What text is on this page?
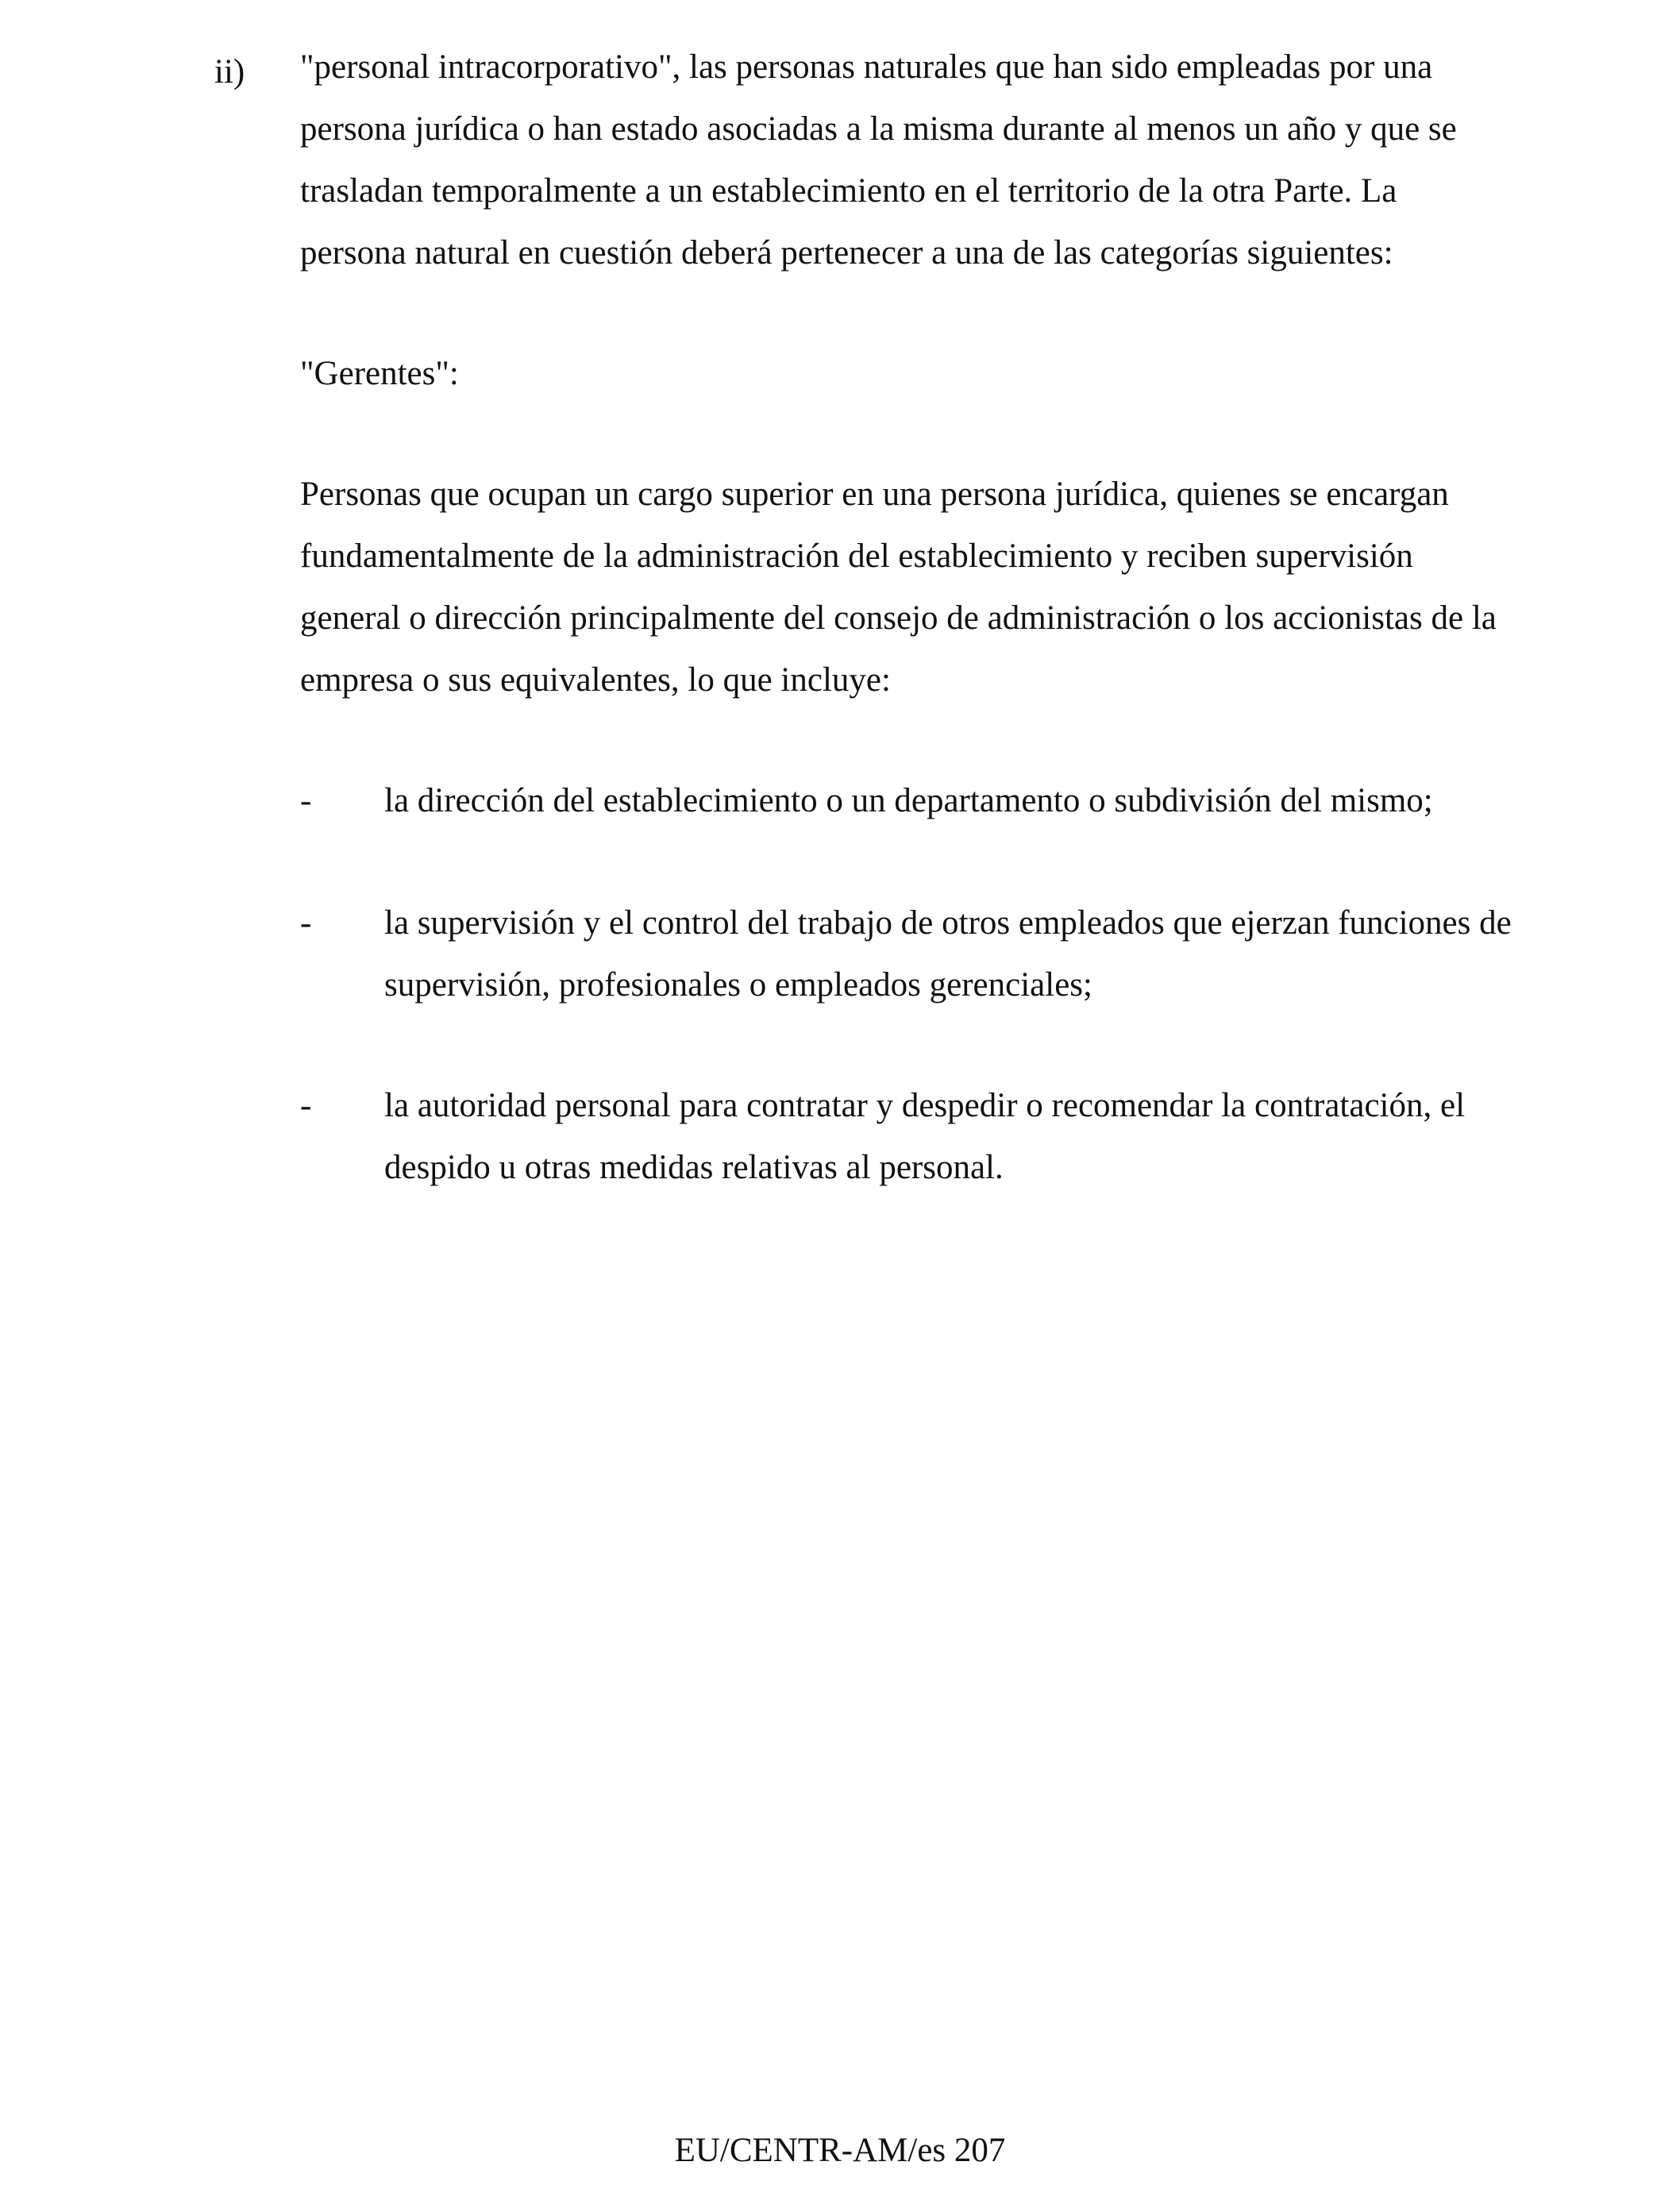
ii) "personal intracorporativo", las personas naturales que han sido empleadas por una
persona jurídica o han estado asociadas a la misma durante al menos un año y que se
trasladan temporalmente a un establecimiento en el territorio de la otra Parte. La
persona natural en cuestión deberá pertenecer a una de las categorías siguientes:
"Gerentes":
Personas que ocupan un cargo superior en una persona jurídica, quienes se encargan
fundamentalmente de la administración del establecimiento y reciben supervisión
general o dirección principalmente del consejo de administración o los accionistas de la
empresa o sus equivalentes, lo que incluye:
- la dirección del establecimiento o un departamento o subdivisión del mismo;
- la supervisión y el control del trabajo de otros empleados que ejerzan funciones de
supervisión, profesionales o empleados gerenciales;
- la autoridad personal para contratar y despedir o recomendar la contratación, el
despido u otras medidas relativas al personal.
EU/CENTR-AM/es 207
